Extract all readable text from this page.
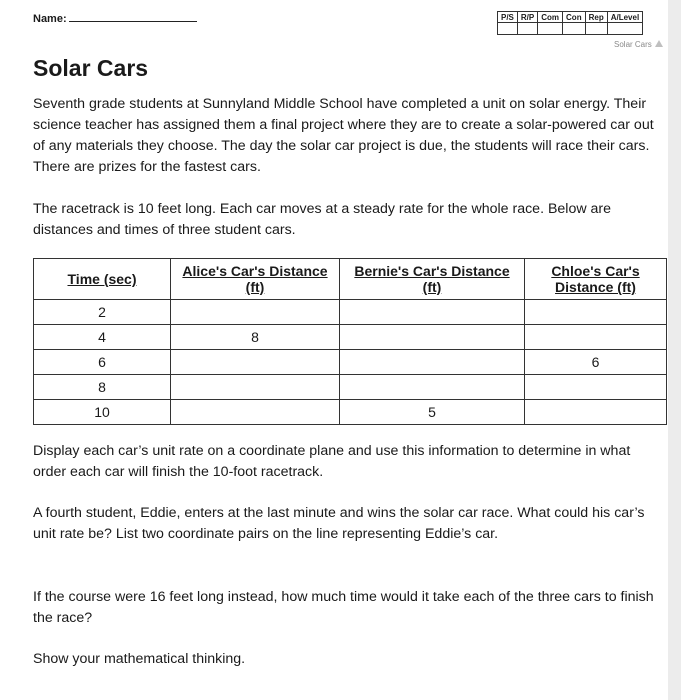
Name:	P/S	R/P	Com	Con	Rep	A/Level

Solar Cars
Solar Cars

Seventh grade students at Sunnyland Middle School have completed a unit on solar energy. Their science teacher has assigned them a final project where they are to create a solar-powered car out of any materials they choose. The day the solar car project is due, the students will race their cars. There are prizes for the fastest cars.

The racetrack is 10 feet long. Each car moves at a steady rate for the whole race. Below are distances and times of three student cars.

Time (sec)	Alice's Car's Distance (ft)	Bernie's Car's Distance (ft)	Chloe's Car's Distance (ft)
2			
4	8		
6			6
8			
10		5	

Display each car’s unit rate on a coordinate plane and use this information to determine in what order each car will finish the 10-foot racetrack.

A fourth student, Eddie, enters at the last minute and wins the solar car race. What could his car’s unit rate be? List two coordinate pairs on the line representing Eddie’s car.

If the course were 16 feet long instead, how much time would it take each of the three cars to finish the race?

Show your mathematical thinking.
